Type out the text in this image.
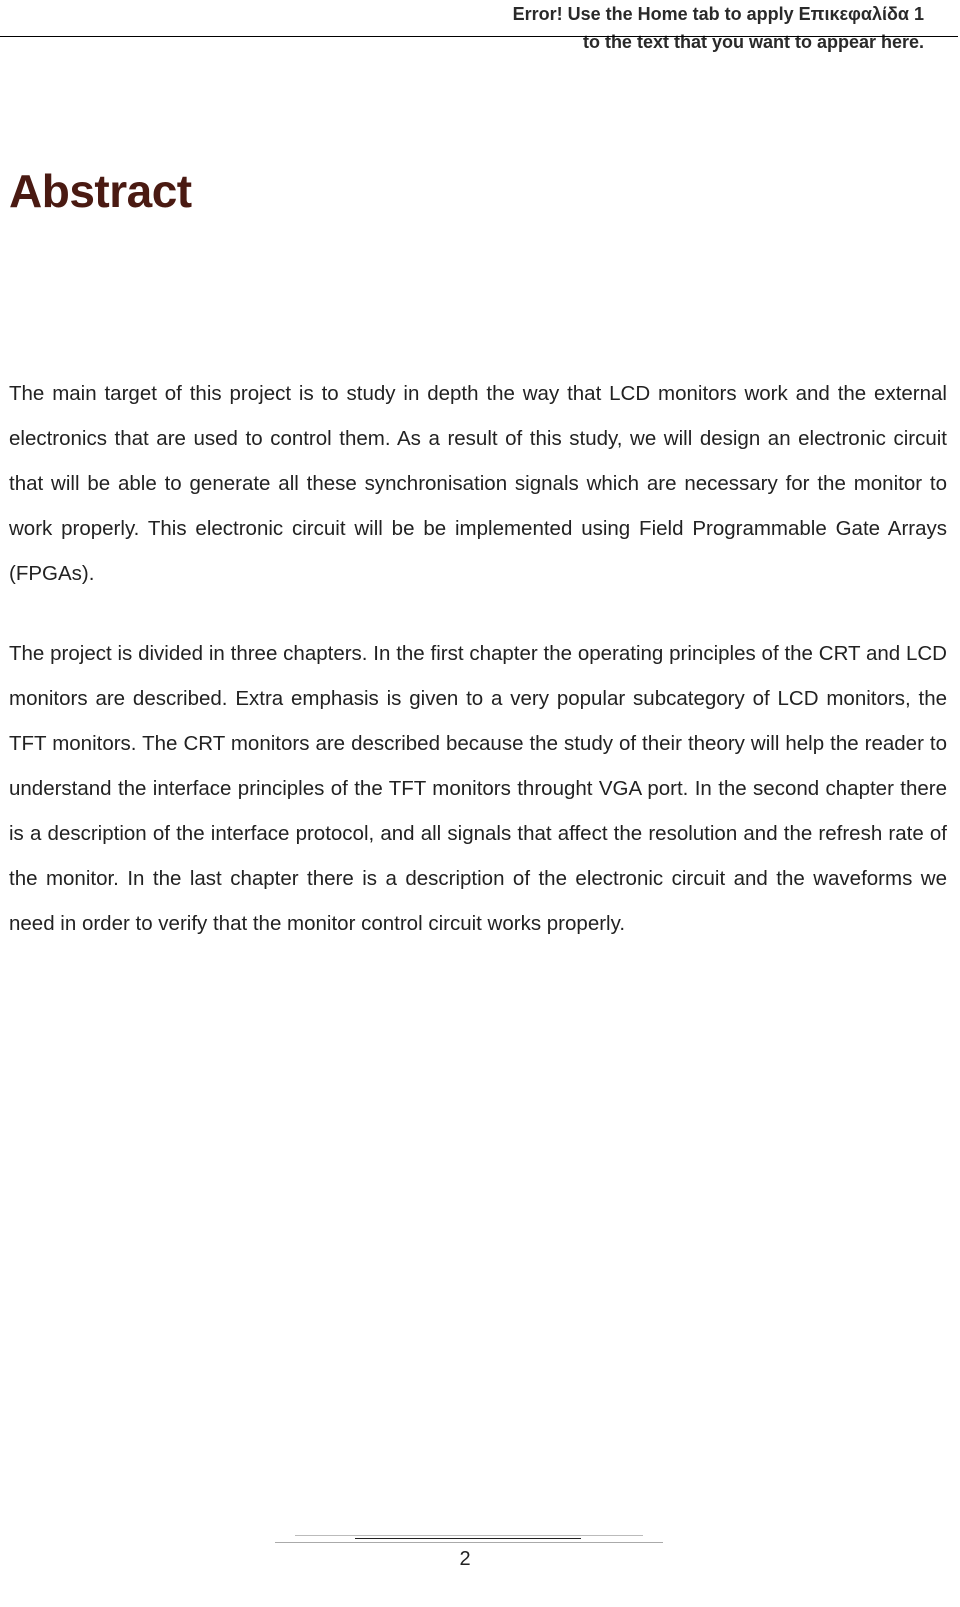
Error! Use the Home tab to apply Επικεφαλίδα 1
to the text that you want to appear here.
Abstract

The main target of this project is to study in depth the way that LCD monitors work and the external electronics that are used to control them. As a result of this study, we will design an electronic circuit that will be able to generate all these synchronisation signals which are necessary for the monitor to work properly. This electronic circuit will be be implemented using Field Programmable Gate Arrays (FPGAs).

The project is divided in three chapters. In the first chapter the operating principles of the CRT and LCD monitors are described. Extra emphasis is given to a very popular subcategory of LCD monitors, the TFT monitors. The CRT monitors are described because the study of their theory will help the reader to understand the interface principles of the TFT monitors throught VGA port. In the second chapter there is a description of the interface protocol, and all signals that affect the resolution and the refresh rate of the monitor. In the last chapter there is a description of the electronic circuit and the waveforms we need in order to verify that the monitor control circuit works properly.

2
